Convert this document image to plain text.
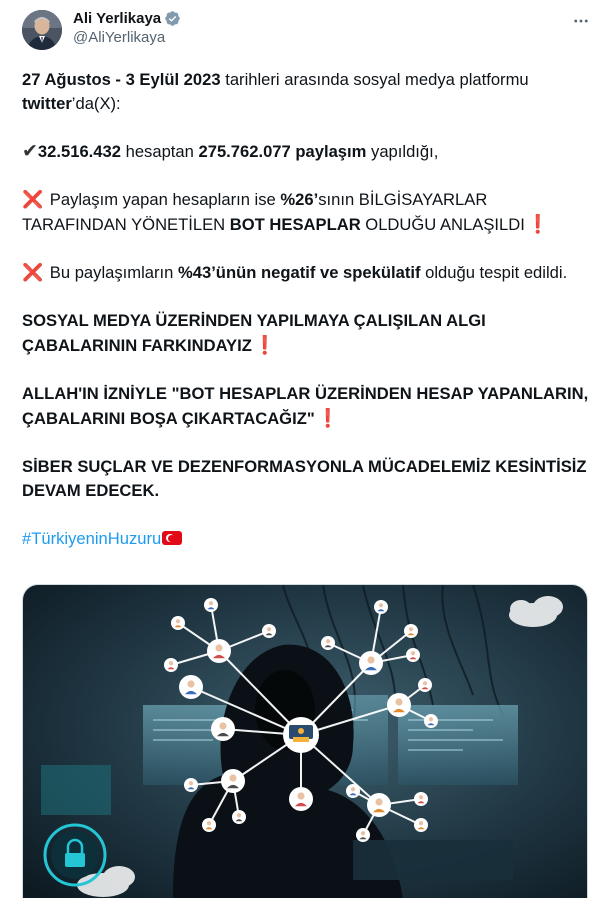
Ali Yerlikaya
@AliYerlikaya
27 Ağustos - 3 Eylül 2023 tarihleri arasında sosyal medya platformu twitter’da(X):
✔32.516.432 hesaptan 275.762.077 paylaşım yapıldığı,
❌ Paylaşım yapan hesapların ise %26’sının BİLGİSAYARLAR TARAFINDAN YÖNETİLEN BOT HESAPLAR OLDUĞU ANLAŞILDI ❗
❌ Bu paylaşımların %43’ünün negatif ve spekülatif olduğu tespit edildi.
SOSYAL MEDYA ÜZERİNDEN YAPILMAYA ÇALIŞILAN ALGI ÇABALARININ FARKINDAYIZ ❗
ALLAH'IN İZNİYLE "BOT HESAPLAR ÜZERİNDEN HESAP YAPANLARIN, ÇABALARINI BOŞA ÇIKARTACAĞIZ" ❗
SİBER SUÇLAR VE DEZENFORMASYONLA MÜCADELEMİZ KESİNTİSİZ DEVAM EDECEK.
#TürkiyeninHuzuru
